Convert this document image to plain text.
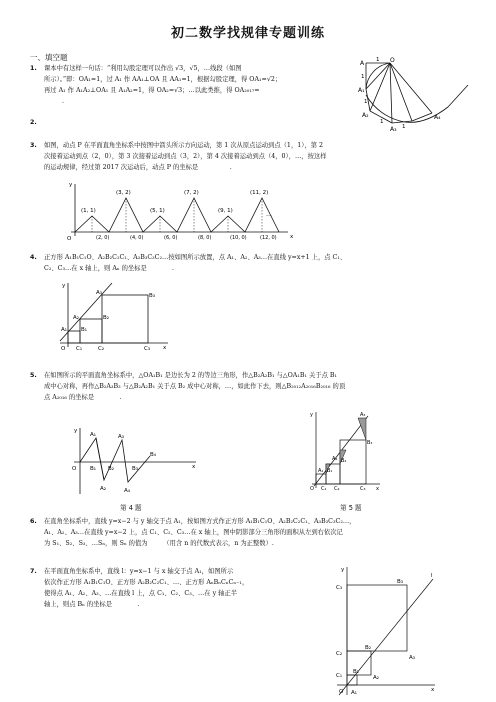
初二数学找规律专题训练
一、填空题
1. 课本中有这样一句话：“利用勾股定理可以作出 √3，√5，…线段（如图
所示）。”即：OA₁=1，过 A₁ 作 AA₁⊥OA 且 AA₁=1，根据勾股定理，得 OA₁=√2；
再过 A₁ 作 A₁A₂⊥OA₁ 且 A₁A₂=1，得 OA₂=√3；…以此类推，得 OA₂₀₁₇=
.
A
A₁
A₂
A₃
A₄
O
1
1
1
1
1
2.
3. 如图，动点 P 在平面直角坐标系中按图中箭头所示方向运动，第 1 次从原点运动到点（1，1），第 2
次接着运动到点（2，0），第 3 次接着运动到点（3，2），第 4 次接着运动到点（4，0），…，按这样
的运动规律，经过第 2017 次运动后，动点 P 的坐标是　　　　　.
y
x
O
(3, 2)	(7, 2)	(11, 2)
(1, 1)	(5, 1)	(9, 1)	…
(2, 0)	(4, 0)	(6, 0)	(8, 0)	(10, 0)	(12, 0)
4. 正方形 A₁B₁C₁O、A₂B₂C₂C₁、A₃B₃C₃C₂…按如图所示放置，点 A₁、A₂、A₃…在直线 y=x+1 上，点 C₁、
C₂、C₃…在 x 轴上，则 Aₙ 的坐标是　　　　.
y
x
O
A₁
A₂
A₃
B₁
B₂
B₃
C₁	C₂	C₃
5. 在如图所示的平面直角坐标系中，△OA₁B₁ 是边长为 2 的等边三角形，作△B₂A₂B₁ 与△OA₁B₁ 关于点 B₁
成中心对称，再作△B₂A₃B₃ 与△B₂A₂B₁ 关于点 B₂ 成中心对称，…，如此作下去，则△B₂₀₁₂A₂₀₁₆B₂₀₁₆ 的顶
点 A₂₀₁₆ 的坐标是　　　　.
y
x
O
A₁
A₂
A₃
A₄
B₁ B₂	B₃
B₄
y
x
O
A₁
A₂
A₃
B₁
B₂
B₃
C₁ C₂	C₃
第 4 题	第 5 题
6. 在直角坐标系中，直线 y=x−2 与 y 轴交于点 A₁，按如图方式作正方形 A₁B₁C₁O、A₂B₂C₂C₁、A₃B₃C₃C₂…，
A₁、A₂、A₃…在直线 y=x−2 上，点 C₁、C₂、C₃…在 x 轴上，图中阴影部分三角形的面积从左到右依次记
为 S₁、S₂、S₃、…Sₙ，则 Sₙ 的值为　　　（用含 n 的代数式表示，n 为正整数）.
7. 在平面直角坐标系中，直线 l：y=x−1 与 x 轴交于点 A₁，如图所示
依次作正方形 A₁B₁C₁O、正方形 A₂B₂C₂C₁、…、正方形 AₙBₙCₙCₙ₋₁，
使得点 A₁、A₂、A₃、…在直线 l 上，点 C₁、C₂、C₃、…在 y 轴正半
轴上，则点 Bₙ 的坐标是　　　　.
y
x
O
l
A₁
A₂
A₃
B₁
B₂
B₃
C₁
C₂
C₃
